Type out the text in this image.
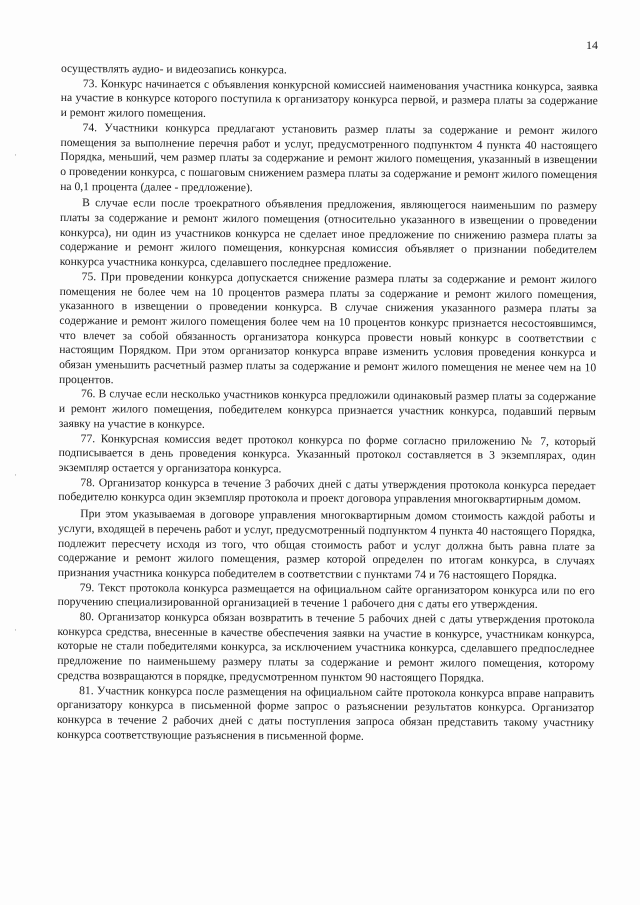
14
·
·
·

осуществлять аудио- и видеозапись конкурса.

73. Конкурс начинается с объявления конкурсной комиссией наименования участника конкурса, заявка на участие в конкурсе которого поступила к организатору конкурса первой, и размера платы за содержание и ремонт жилого помещения.

74. Участники конкурса предлагают установить размер платы за содержание и ремонт жилого помещения за выполнение перечня работ и услуг, предусмотренного подпунктом 4 пункта 40 настоящего Порядка, меньший, чем размер платы за содержание и ремонт жилого помещения, указанный в извещении о проведении конкурса, с пошаговым снижением размера платы за содержание и ремонт жилого помещения на 0,1 процента (далее - предложение).

В случае если после троекратного объявления предложения, являющегося наименьшим по размеру платы за содержание и ремонт жилого помещения (относительно указанного в извещении о проведении конкурса), ни один из участников конкурса не сделает иное предложение по снижению размера платы за содержание и ремонт жилого помещения, конкурсная комиссия объявляет о признании победителем конкурса участника конкурса, сделавшего последнее предложение.

75. При проведении конкурса допускается снижение размера платы за содержание и ремонт жилого помещения не более чем на 10 процентов размера платы за содержание и ремонт жилого помещения, указанного в извещении о проведении конкурса. В случае снижения указанного размера платы за содержание и ремонт жилого помещения более чем на 10 процентов конкурс признается несостоявшимся, что влечет за собой обязанность организатора конкурса провести новый конкурс в соответствии с настоящим Порядком. При этом организатор конкурса вправе изменить условия проведения конкурса и обязан уменьшить расчетный размер платы за содержание и ремонт жилого помещения не менее чем на 10 процентов.

76. В случае если несколько участников конкурса предложили одинаковый размер платы за содержание и ремонт жилого помещения, победителем конкурса признается участник конкурса, подавший первым заявку на участие в конкурсе.

77. Конкурсная комиссия ведет протокол конкурса по форме согласно приложению № 7, который подписывается в день проведения конкурса. Указанный протокол составляется в 3 экземплярах, один экземпляр остается у организатора конкурса.

78. Организатор конкурса в течение 3 рабочих дней с даты утверждения протокола конкурса передает победителю конкурса один экземпляр протокола и проект договора управления многоквартирным домом.

При этом указываемая в договоре управления многоквартирным домом стоимость каждой работы и услуги, входящей в перечень работ и услуг, предусмотренный подпунктом 4 пункта 40 настоящего Порядка, подлежит пересчету исходя из того, что общая стоимость работ и услуг должна быть равна плате за содержание и ремонт жилого помещения, размер которой определен по итогам конкурса, в случаях признания участника конкурса победителем в соответствии с пунктами 74 и 76 настоящего Порядка.

79. Текст протокола конкурса размещается на официальном сайте организатором конкурса или по его поручению специализированной организацией в течение 1 рабочего дня с даты его утверждения.

80. Организатор конкурса обязан возвратить в течение 5 рабочих дней с даты утверждения протокола конкурса средства, внесенные в качестве обеспечения заявки на участие в конкурсе, участникам конкурса, которые не стали победителями конкурса, за исключением участника конкурса, сделавшего предпоследнее предложение по наименьшему размеру платы за содержание и ремонт жилого помещения, которому средства возвращаются в порядке, предусмотренном пунктом 90 настоящего Порядка.

81. Участник конкурса после размещения на официальном сайте протокола конкурса вправе направить организатору конкурса в письменной форме запрос о разъяснении результатов конкурса. Организатор конкурса в течение 2 рабочих дней с даты поступления запроса обязан представить такому участнику конкурса соответствующие разъяснения в письменной форме.
